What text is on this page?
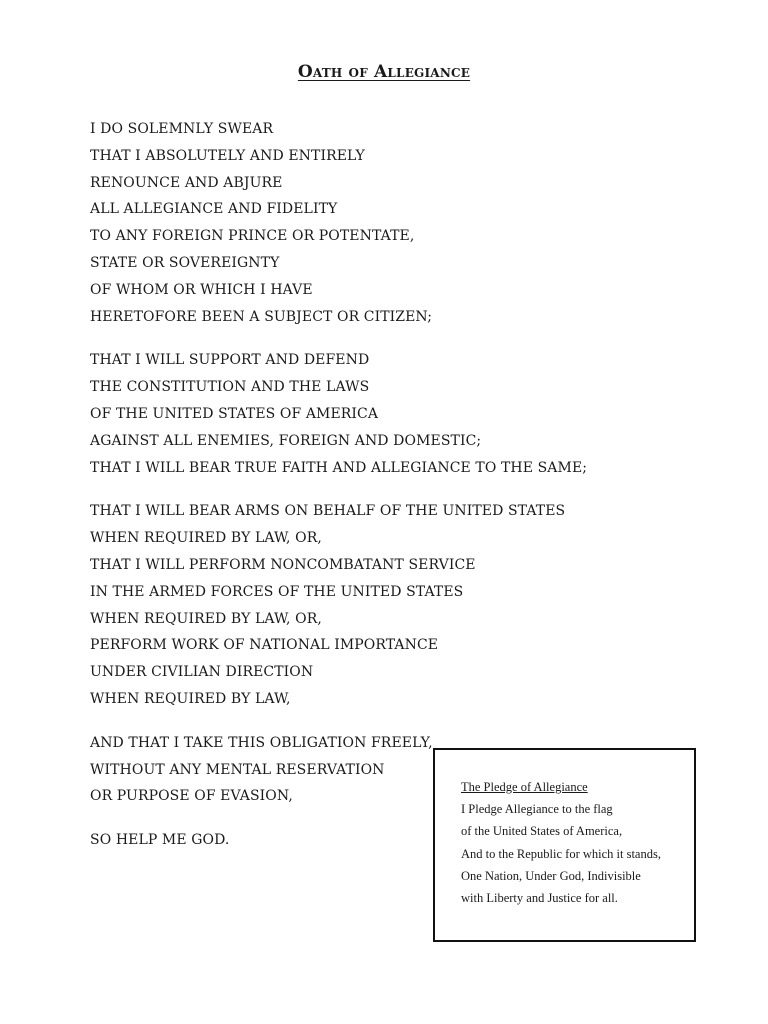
Oath of Allegiance
I DO SOLEMNLY SWEAR
THAT I ABSOLUTELY AND ENTIRELY
RENOUNCE AND ABJURE
ALL ALLEGIANCE AND FIDELITY
TO ANY FOREIGN PRINCE OR POTENTATE,
STATE OR SOVEREIGNTY
OF WHOM OR WHICH I HAVE
HERETOFORE BEEN A SUBJECT OR CITIZEN;
THAT I WILL SUPPORT AND DEFEND
THE CONSTITUTION AND THE LAWS
OF THE UNITED STATES OF AMERICA
AGAINST ALL ENEMIES, FOREIGN AND DOMESTIC;
THAT I WILL BEAR TRUE FAITH AND ALLEGIANCE TO THE SAME;
THAT I WILL BEAR ARMS ON BEHALF OF THE UNITED STATES
WHEN REQUIRED BY LAW, OR,
THAT I WILL PERFORM NONCOMBATANT SERVICE
IN THE ARMED FORCES OF THE UNITED STATES
WHEN REQUIRED BY LAW, OR,
PERFORM WORK OF NATIONAL IMPORTANCE
UNDER CIVILIAN DIRECTION
WHEN REQUIRED BY LAW,
AND THAT I TAKE THIS OBLIGATION FREELY,
WITHOUT ANY MENTAL RESERVATION
OR PURPOSE OF EVASION,
SO HELP ME GOD.
The Pledge of Allegiance
I Pledge Allegiance to the flag
of the United States of America,
And to the Republic for which it stands,
One Nation, Under God, Indivisible
with Liberty and Justice for all.
